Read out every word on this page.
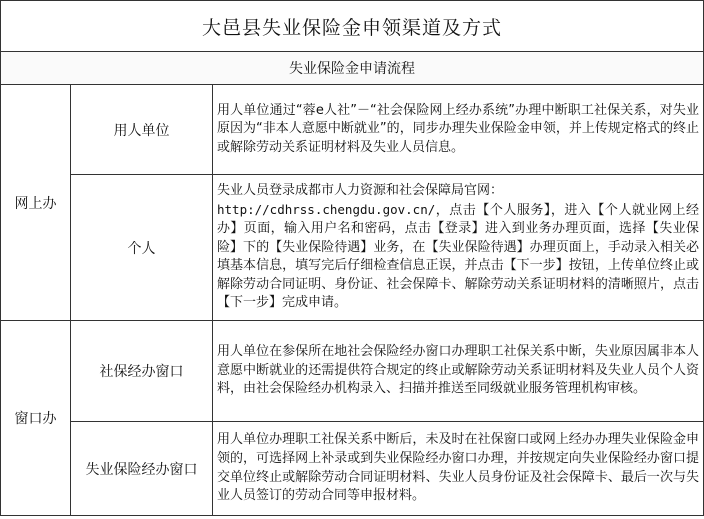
大邑县失业保险金申领渠道及方式		
失业保险金申请流程		
网上办	用人单位	用人单位通过“蓉e人社”－“社会保险网上经办系统”办理中断职工社保关系，对失业原因为“非本人意愿中断就业”的，同步办理失业保险金申领，并上传规定格式的终止或解除劳动关系证明材料及失业人员信息。
	个人	失业人员登录成都市人力资源和社会保障局官网：
http://cdhrss.chengdu.gov.cn/，点击【个人服务】，进入【个人就业网上经办】页面，输入用户名和密码，点击【登录】进入到业务办理页面，选择【失业保险】下的【失业保险待遇】业务，在【失业保险待遇】办理页面上，手动录入相关必填基本信息，填写完后仔细检查信息正误，并点击【下一步】按钮，上传单位终止或解除劳动合同证明、身份证、社会保障卡、解除劳动关系证明材料的清晰照片，点击【下一步】完成申请。
窗口办	社保经办窗口	用人单位在参保所在地社会保险经办窗口办理职工社保关系中断，失业原因属非本人意愿中断就业的还需提供符合规定的终止或解除劳动关系证明材料及失业人员个人资料，由社会保险经办机构录入、扫描并推送至同级就业服务管理机构审核。
	失业保险经办窗口	用人单位办理职工社保关系中断后，未及时在社保窗口或网上经办办理失业保险金申领的，可选择网上补录或到失业保险经办窗口办理，并按规定向失业保险经办窗口提交单位终止或解除劳动合同证明材料、失业人员身份证及社会保障卡、最后一次与失业人员签订的劳动合同等申报材料。
